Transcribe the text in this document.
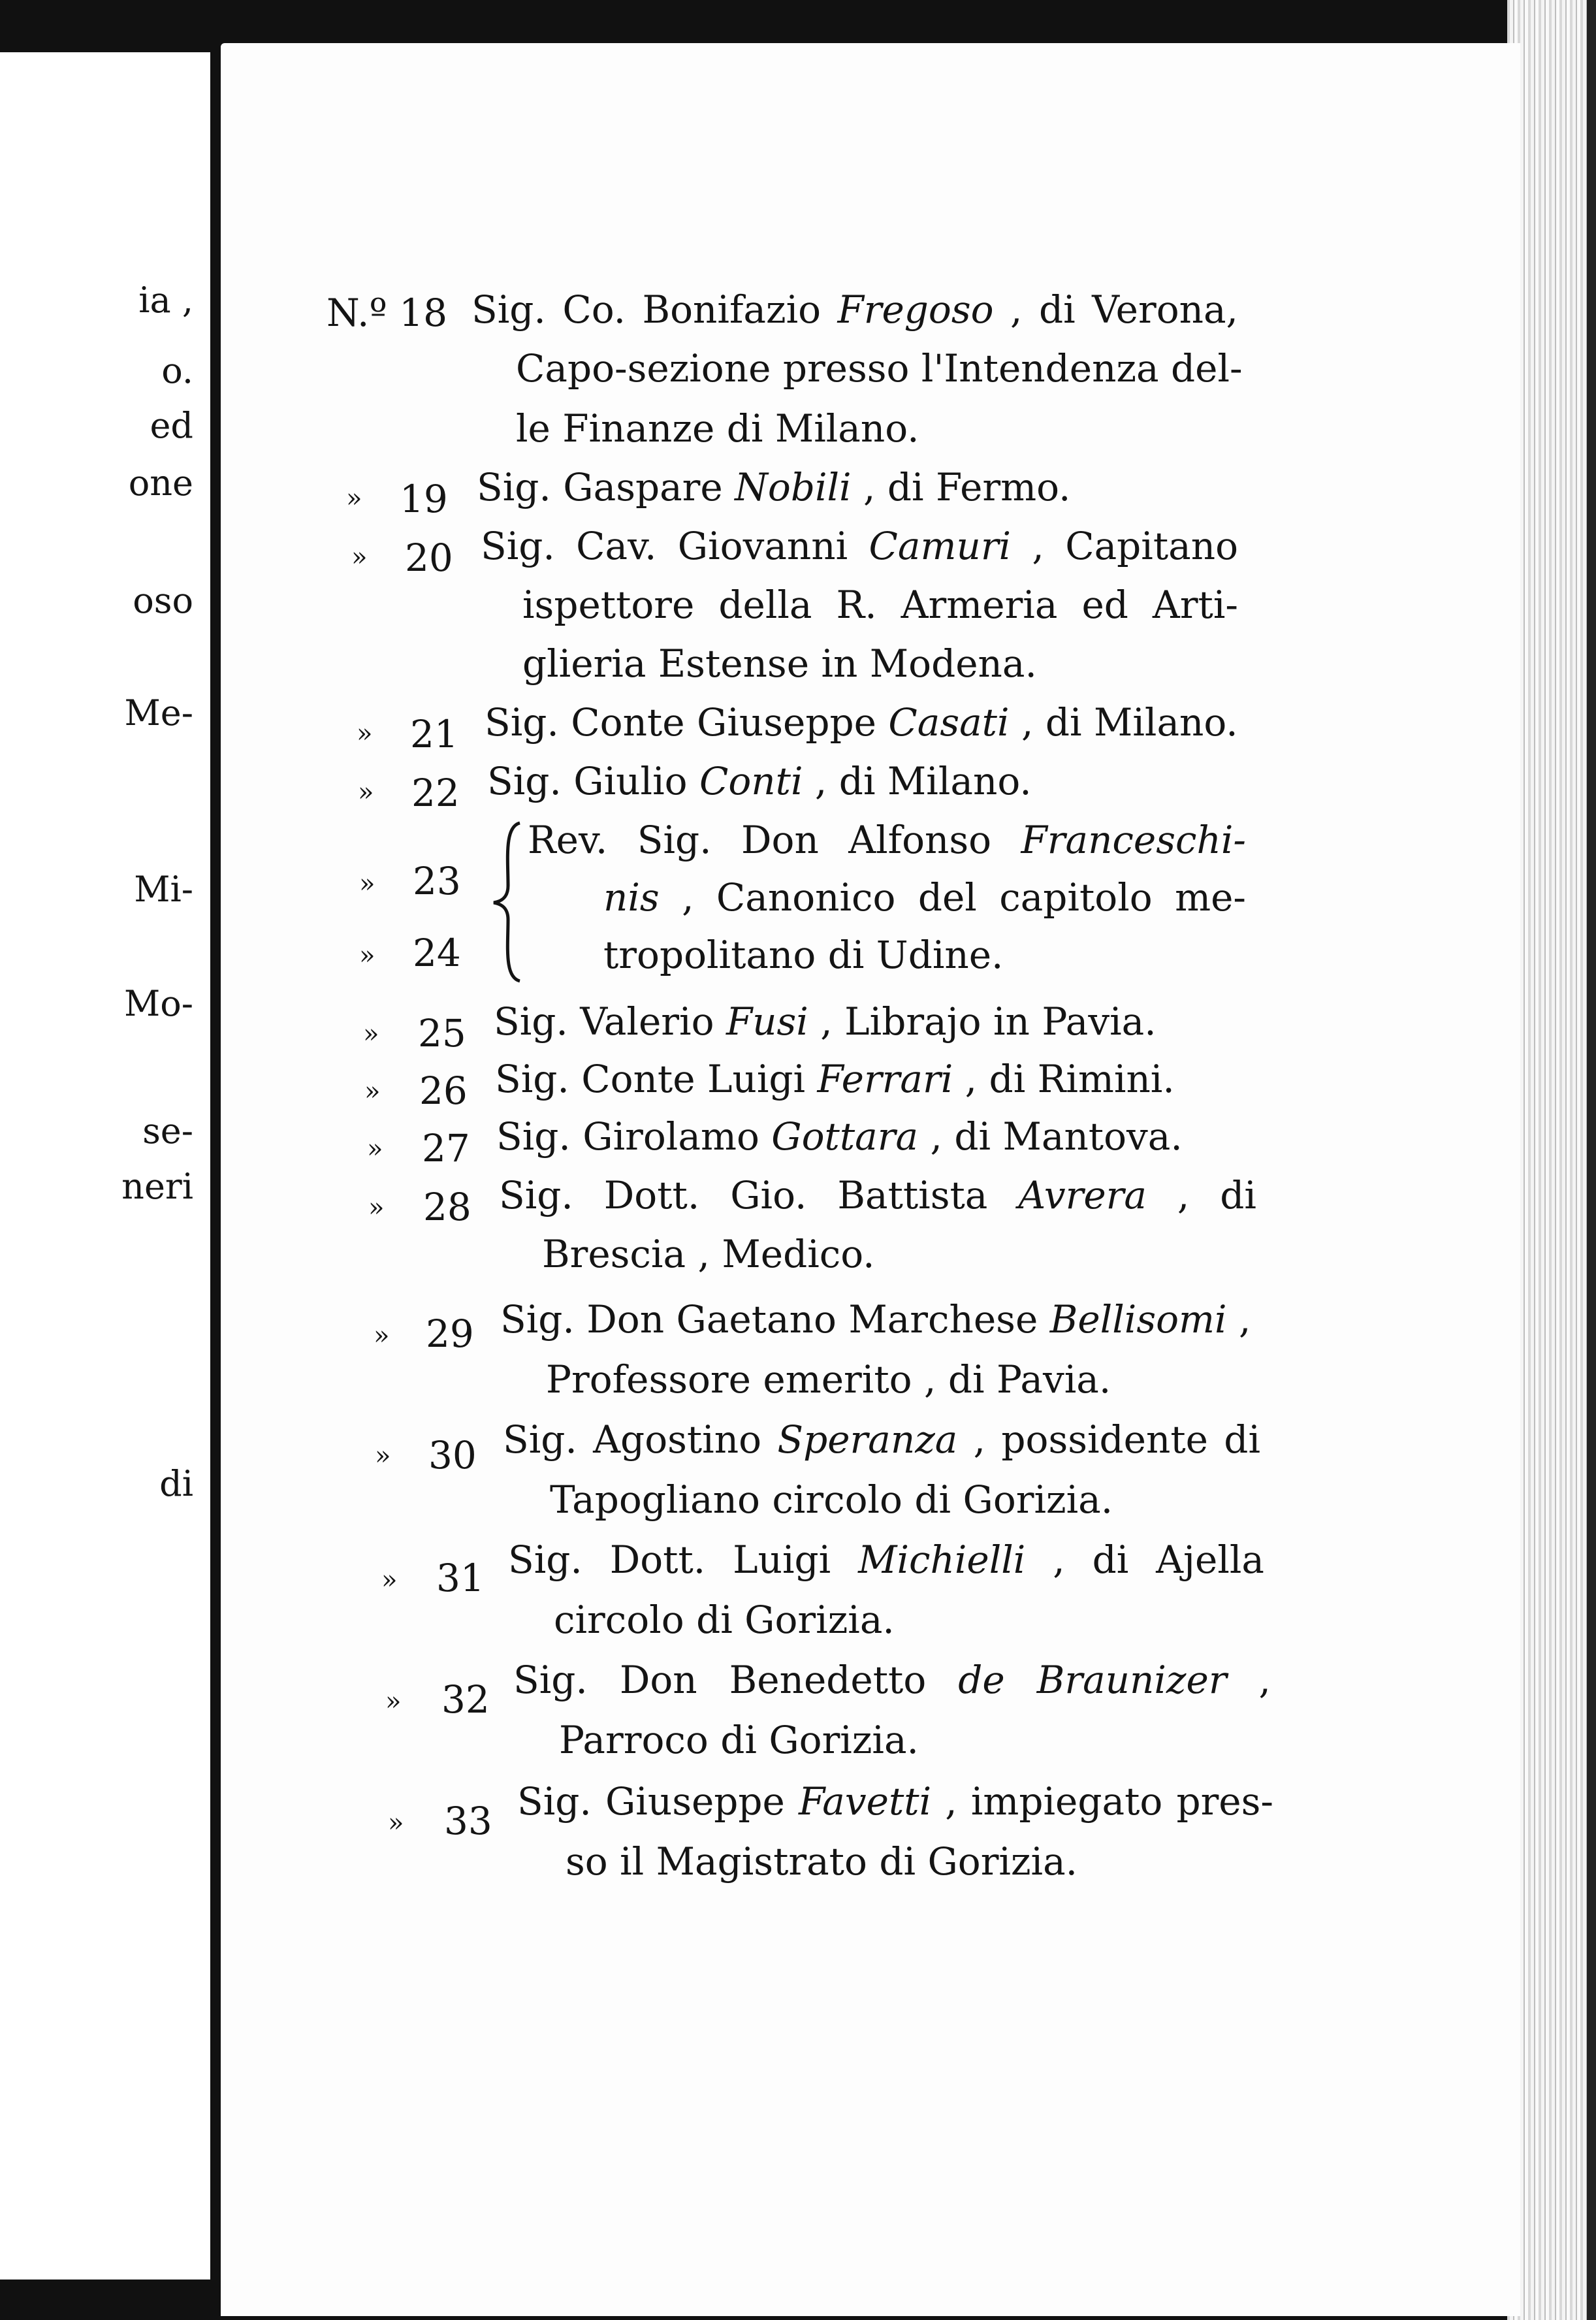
ia ,
o.
ed
one
oso
Me-
Mi-
Mo-
se-
neri
di
N.º 18 Sig. Co. Bonifazio Fregoso , di Verona,
Capo-sezione presso l'Intendenza del-
le Finanze di Milano.
» 19 Sig. Gaspare Nobili , di Fermo.
» 20 Sig. Cav. Giovanni Camuri , Capitano
ispettore della R. Armeria ed Arti-
glieria Estense in Modena.
» 21 Sig. Conte Giuseppe Casati , di Milano.
» 22 Sig. Giulio Conti , di Milano.
» 23
» 24
Rev. Sig. Don Alfonso Franceschi-
nis , Canonico del capitolo me-
tropolitano di Udine.
» 25 Sig. Valerio Fusi , Librajo in Pavia.
» 26 Sig. Conte Luigi Ferrari , di Rimini.
» 27 Sig. Girolamo Gottara , di Mantova.
» 28 Sig. Dott. Gio. Battista Avrera , di
Brescia , Medico.
» 29 Sig. Don Gaetano Marchese Bellisomi ,
Professore emerito , di Pavia.
» 30 Sig. Agostino Speranza , possidente di
Tapogliano circolo di Gorizia.
» 31 Sig. Dott. Luigi Michielli , di Ajella
circolo di Gorizia.
» 32 Sig. Don Benedetto de Braunizer ,
Parroco di Gorizia.
» 33 Sig. Giuseppe Favetti , impiegato pres-
so il Magistrato di Gorizia.
